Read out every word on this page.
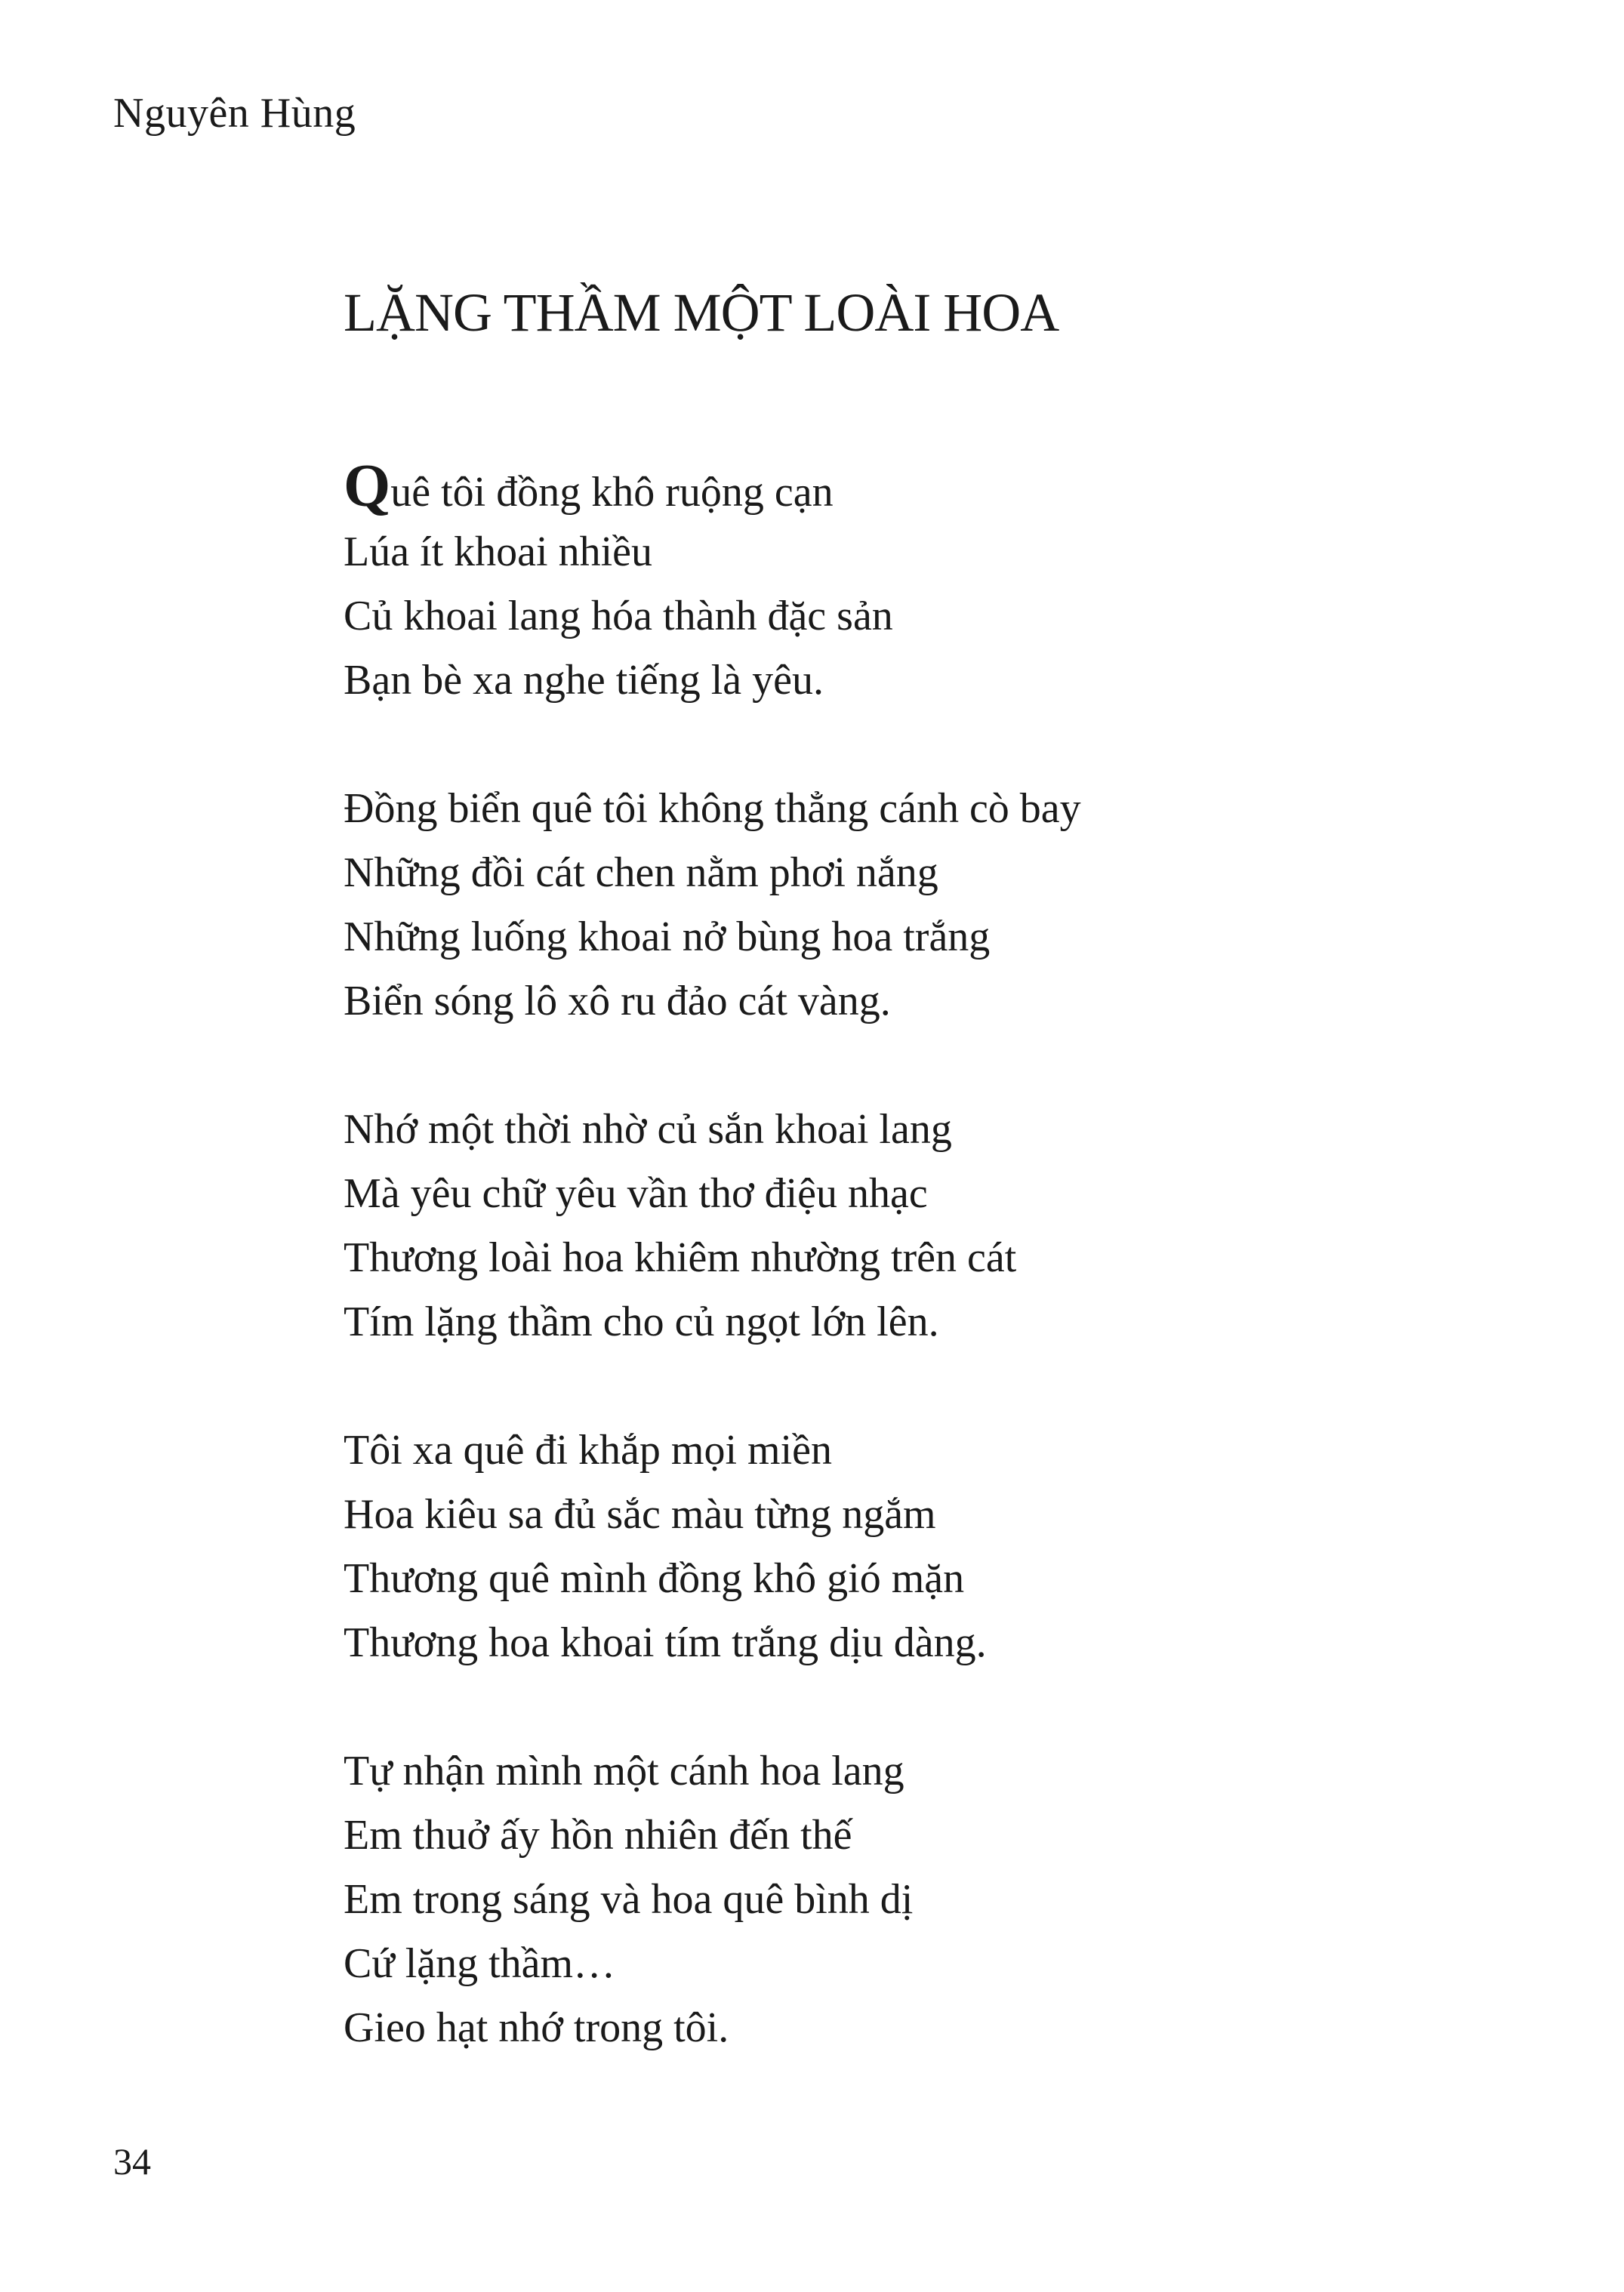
Nguyên Hùng
LẶNG THẦM MỘT LOÀI HOA
Quê tôi đồng khô ruộng cạn
Lúa ít khoai nhiều
Củ khoai lang hóa thành đặc sản
Bạn bè xa nghe tiếng là yêu.
Đồng biển quê tôi không thẳng cánh cò bay
Những đồi cát chen nằm phơi nắng
Những luống khoai nở bùng hoa trắng
Biển sóng lô xô ru đảo cát vàng.
Nhớ một thời nhờ củ sắn khoai lang
Mà yêu chữ yêu vần thơ điệu nhạc
Thương loài hoa khiêm nhường trên cát
Tím lặng thầm cho củ ngọt lớn lên.
Tôi xa quê đi khắp mọi miền
Hoa kiêu sa đủ sắc màu từng ngắm
Thương quê mình đồng khô gió mặn
Thương hoa khoai tím trắng dịu dàng.
Tự nhận mình một cánh hoa lang
Em thuở ấy hồn nhiên đến thế
Em trong sáng và hoa quê bình dị
Cứ lặng thầm…
Gieo hạt nhớ trong tôi.
34
